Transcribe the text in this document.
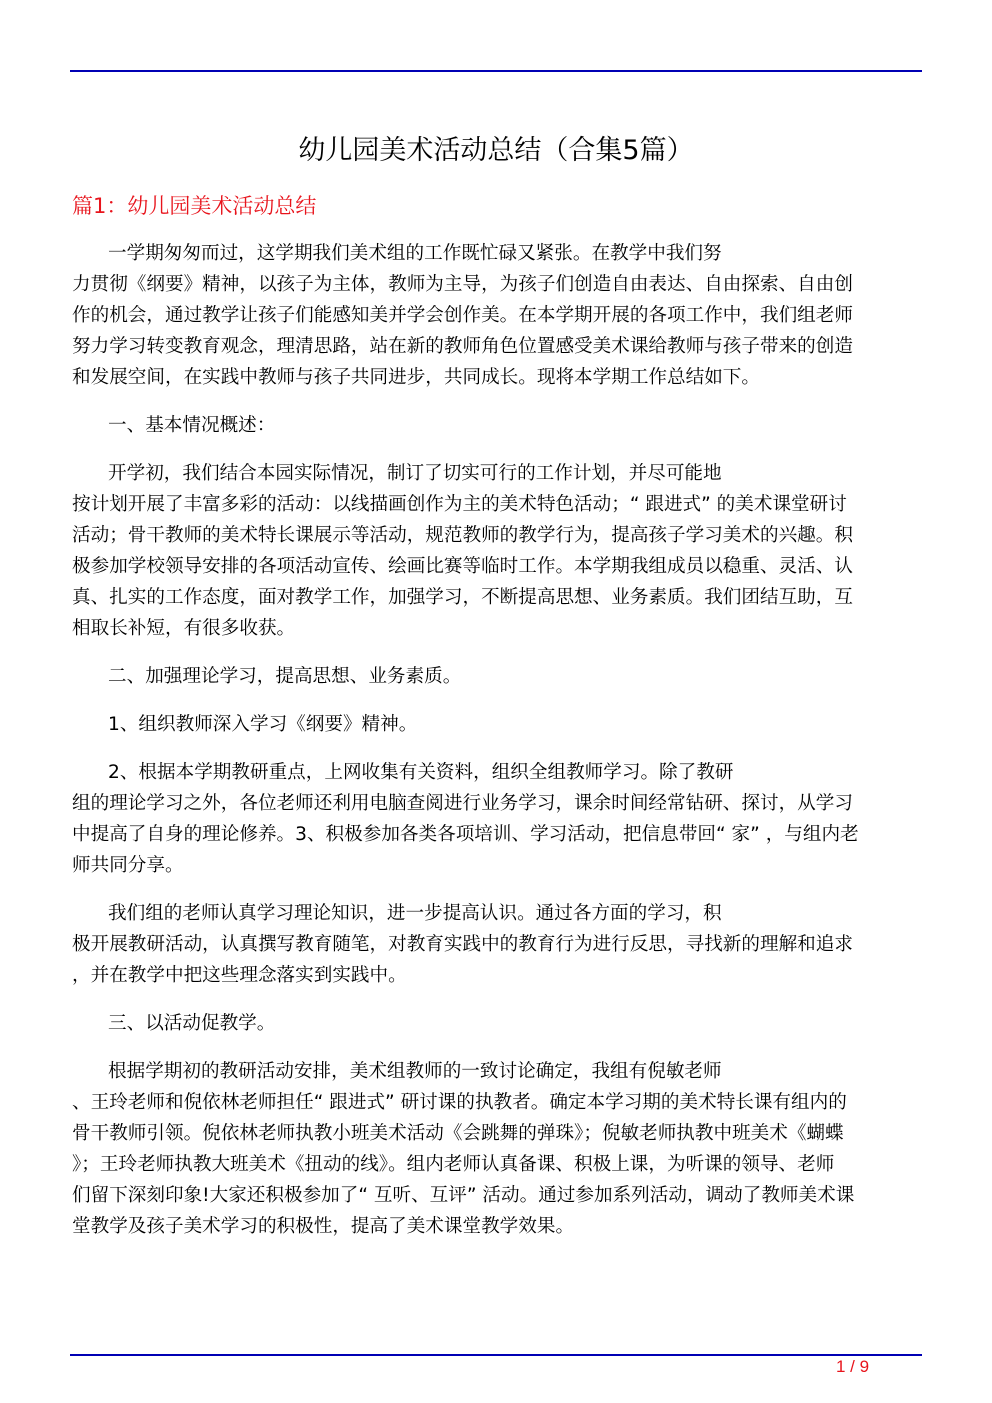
幼儿园美术活动总结（合集5篇）
篇1：幼儿园美术活动总结
一学期匆匆而过，这学期我们美术组的工作既忙碌又紧张。在教学中我们努
力贯彻《纲要》精神，以孩子为主体，教师为主导，为孩子们创造自由表达、自由探索、自由创
作的机会，通过教学让孩子们能感知美并学会创作美。在本学期开展的各项工作中，我们组老师
努力学习转变教育观念，理清思路，站在新的教师角色位置感受美术课给教师与孩子带来的创造
和发展空间，在实践中教师与孩子共同进步，共同成长。现将本学期工作总结如下。
一、基本情况概述：
开学初，我们结合本园实际情况，制订了切实可行的工作计划，并尽可能地
按计划开展了丰富多彩的活动：以线描画创作为主的美术特色活动；“ 跟进式” 的美术课堂研讨
活动；骨干教师的美术特长课展示等活动，规范教师的教学行为，提高孩子学习美术的兴趣。积
极参加学校领导安排的各项活动宣传、绘画比赛等临时工作。本学期我组成员以稳重、灵活、认
真、扎实的工作态度，面对教学工作，加强学习，不断提高思想、业务素质。我们团结互助，互
相取长补短，有很多收获。
二、加强理论学习，提高思想、业务素质。
1、组织教师深入学习《纲要》精神。
2、根据本学期教研重点，上网收集有关资料，组织全组教师学习。除了教研
组的理论学习之外，各位老师还利用电脑查阅进行业务学习，课余时间经常钻研、探讨，从学习
中提高了自身的理论修养。3、积极参加各类各项培训、学习活动，把信息带回“ 家” ，与组内老
师共同分享。
我们组的老师认真学习理论知识，进一步提高认识。通过各方面的学习，积
极开展教研活动，认真撰写教育随笔，对教育实践中的教育行为进行反思，寻找新的理解和追求
，并在教学中把这些理念落实到实践中。
三、以活动促教学。
根据学期初的教研活动安排，美术组教师的一致讨论确定，我组有倪敏老师
、王玲老师和倪依林老师担任“ 跟进式” 研讨课的执教者。确定本学习期的美术特长课有组内的
骨干教师引领。倪依林老师执教小班美术活动《会跳舞的弹珠》；倪敏老师执教中班美术《蝴蝶
》；王玲老师执教大班美术《扭动的线》。组内老师认真备课、积极上课，为听课的领导、老师
们留下深刻印象!大家还积极参加了“ 互听、互评” 活动。通过参加系列活动，调动了教师美术课
堂教学及孩子美术学习的积极性，提高了美术课堂教学效果。
1 / 9
